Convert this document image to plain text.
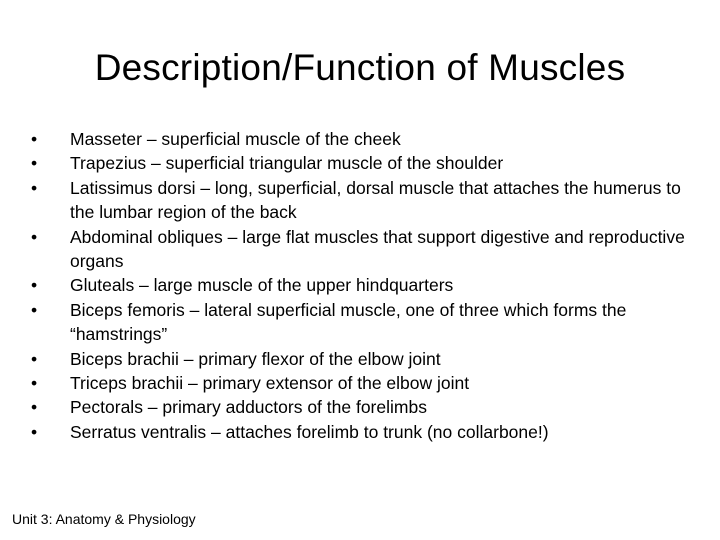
Description/Function of Muscles
•	Masseter – superficial muscle of the cheek
•	Trapezius – superficial triangular muscle of the shoulder
•	Latissimus dorsi – long, superficial, dorsal muscle that attaches the humerus to the lumbar region of the back
•	Abdominal obliques – large flat muscles that support digestive and reproductive organs
•	Gluteals – large muscle of the upper hindquarters
•	Biceps femoris – lateral superficial muscle, one of three which forms the “hamstrings”
•	Biceps brachii – primary flexor of the elbow joint
•	Triceps brachii – primary extensor of the elbow joint
•	Pectorals – primary adductors of the forelimbs
•	Serratus ventralis – attaches forelimb to trunk (no collarbone!)

Unit 3: Anatomy & Physiology
